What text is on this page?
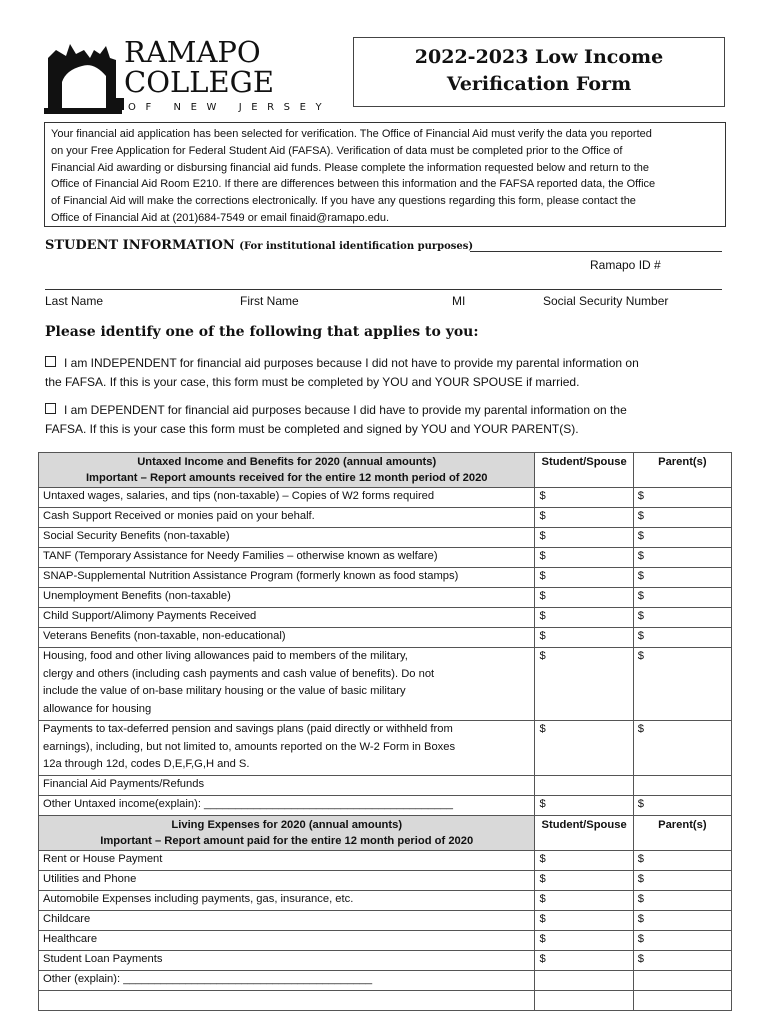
RAMAPO
COLLEGE
O F   N E W   J E R S E Y
2022-2023 Low Income
Verification Form
Your financial aid application has been selected for verification. The Office of Financial Aid must verify the data you reported
on your Free Application for Federal Student Aid (FAFSA). Verification of data must be completed prior to the Office of
Financial Aid awarding or disbursing financial aid funds. Please complete the information requested below and return to the
Office of Financial Aid Room E210. If there are differences between this information and the FAFSA reported data, the Office
of Financial Aid will make the corrections electronically. If you have any questions regarding this form, please contact the
Office of Financial Aid at (201)684-7549 or email finaid@ramapo.edu.
STUDENT INFORMATION (For institutional identification purposes)
Ramapo ID #
Last Name	First Name	MI	Social Security Number
Please identify one of the following that applies to you:
I am INDEPENDENT for financial aid purposes because I did not have to provide my parental information on
the FAFSA. If this is your case, this form must be completed by YOU and YOUR SPOUSE if married.
I am DEPENDENT for financial aid purposes because I did have to provide my parental information on the
FAFSA. If this is your case this form must be completed and signed by YOU and YOUR PARENT(S).
Untaxed Income and Benefits for 2020 (annual amounts)
Important – Report amounts received for the entire 12 month period of 2020	Student/Spouse	Parent(s)
Untaxed wages, salaries, and tips (non-taxable) – Copies of W2 forms required	$	$
Cash Support Received or monies paid on your behalf.	$	$
Social Security Benefits (non-taxable)	$	$
TANF (Temporary Assistance for Needy Families – otherwise known as welfare)	$	$
SNAP-Supplemental Nutrition Assistance Program (formerly known as food stamps)	$	$
Unemployment Benefits (non-taxable)	$	$
Child Support/Alimony Payments Received	$	$
Veterans Benefits (non-taxable, non-educational)	$	$

Housing, food and other living allowances paid to members of the military,
clergy and others (including cash payments and cash value of benefits). Do not
include the value of on-base military housing or the value of basic military
allowance for housing	$	$

Payments to tax-deferred pension and savings plans (paid directly or withheld from
earnings), including, but not limited to, amounts reported on the W-2 Form in Boxes
12a through 12d, codes D,E,F,G,H and S.	$	$
Financial Aid Payments/Refunds		
Other Untaxed income(explain): ________________________________________	$	$

Living Expenses for 2020 (annual amounts)
Important – Report amount paid for the entire 12 month period of 2020	Student/Spouse	Parent(s)
Rent or House Payment	$	$
Utilities and Phone	$	$
Automobile Expenses including payments, gas, insurance, etc.	$	$
Childcare	$	$
Healthcare	$	$
Student Loan Payments	$	$
Other (explain): ________________________________________		
